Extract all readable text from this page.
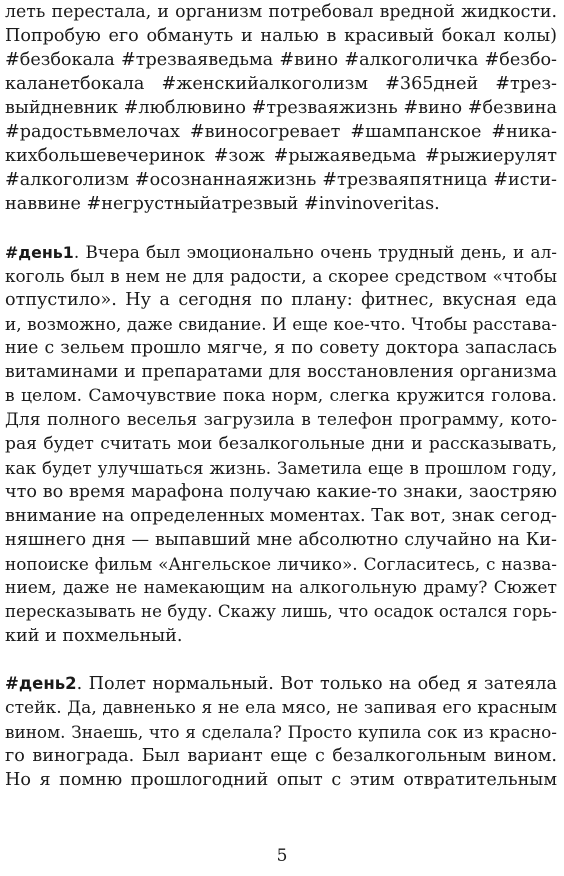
леть перестала, и организм потребовал вредной жидкости.
Попробую его обмануть и налью в красивый бокал колы)
#безбокала #трезваяведьма #вино #алкоголичка #безбо-
каланетбокала #женскийалкоголизм #365дней #трез-
выйдневник #люблювино #трезваяжизнь #вино #безвина
#радостьвмелочах #виносогревает #шампанское #ника-
кихбольшевечеринок #зож #рыжаяведьма #рыжиерулят
#алкоголизм #осознаннаяжизнь #трезваяпятница #исти-
наввине #негрустныйатрезвый #invinoveritas.
#день1. Вчера был эмоционально очень трудный день, и ал-
коголь был в нем не для радости, а скорее средством «чтобы
отпустило». Ну а сегодня по плану: фитнес, вкусная еда
и, возможно, даже свидание. И еще кое-что. Чтобы расстава-
ние с зельем прошло мягче, я по совету доктора запаслась
витаминами и препаратами для восстановления организма
в целом. Самочувствие пока норм, слегка кружится голова.
Для полного веселья загрузила в телефон программу, кото-
рая будет считать мои безалкогольные дни и рассказывать,
как будет улучшаться жизнь. Заметила еще в прошлом году,
что во время марафона получаю какие-то знаки, заостряю
внимание на определенных моментах. Так вот, знак сегод-
няшнего дня — выпавший мне абсолютно случайно на Ки-
нопоиске фильм «Ангельское личико». Согласитесь, с назва-
нием, даже не намекающим на алкогольную драму? Сюжет
пересказывать не буду. Скажу лишь, что осадок остался горь-
кий и похмельный.
#день2. Полет нормальный. Вот только на обед я затеяла
стейк. Да, давненько я не ела мясо, не запивая его красным
вином. Знаешь, что я сделала? Просто купила сок из красно-
го винограда. Был вариант еще с безалкогольным вином.
Но я помню прошлогодний опыт с этим отвратительным
5
